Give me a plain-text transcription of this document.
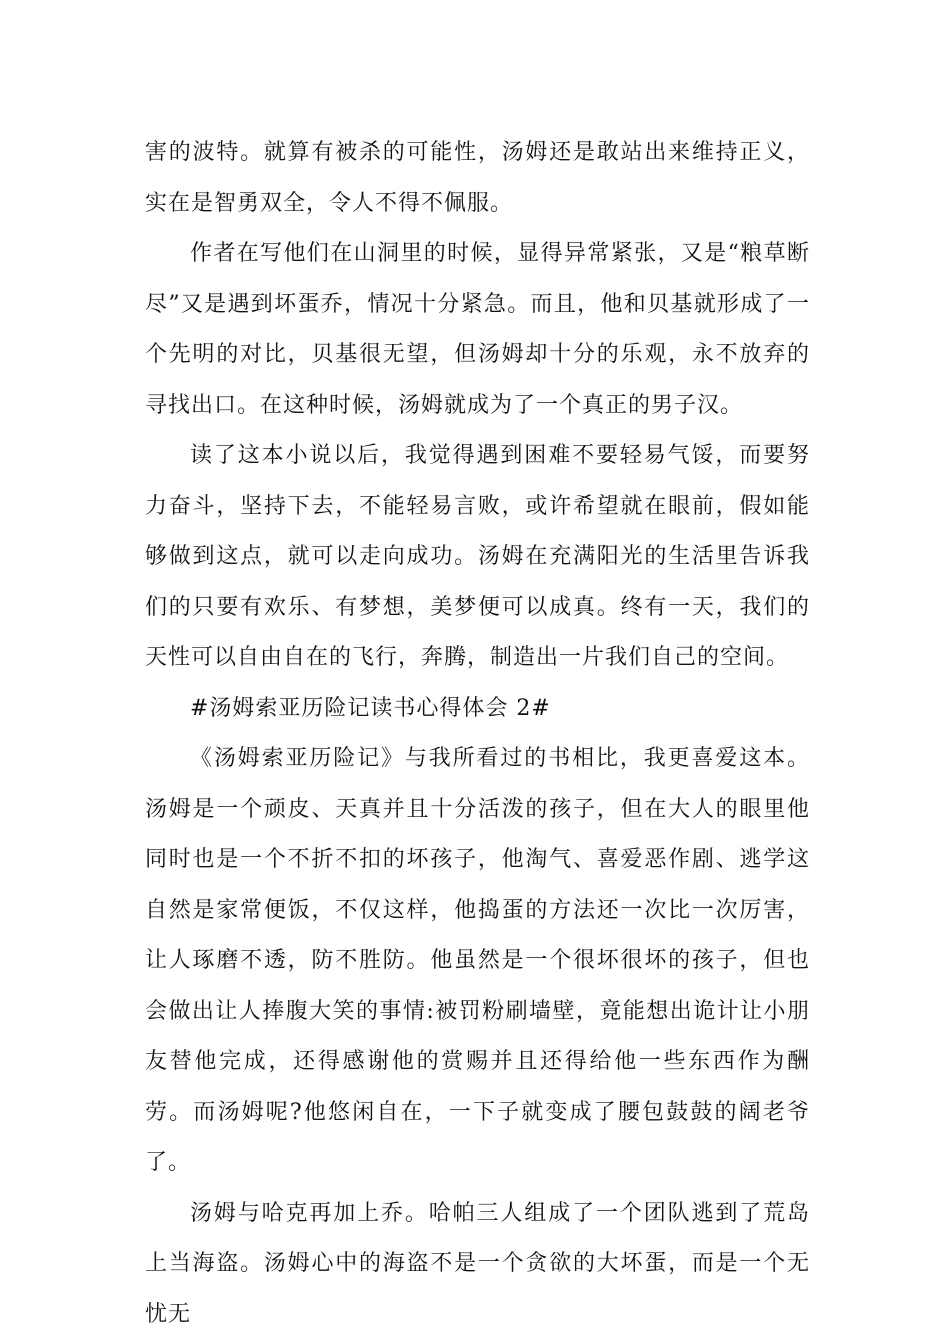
害的波特。就算有被杀的可能性，汤姆还是敢站出来维持正义，实在是智勇双全，令人不得不佩服。

作者在写他们在山洞里的时候，显得异常紧张，又是“粮草断尽”又是遇到坏蛋乔，情况十分紧急。而且，他和贝基就形成了一个先明的对比，贝基很无望，但汤姆却十分的乐观，永不放弃的寻找出口。在这种时候，汤姆就成为了一个真正的男子汉。

读了这本小说以后，我觉得遇到困难不要轻易气馁，而要努力奋斗，坚持下去，不能轻易言败，或许希望就在眼前，假如能够做到这点，就可以走向成功。汤姆在充满阳光的生活里告诉我们的只要有欢乐、有梦想，美梦便可以成真。终有一天，我们的天性可以自由自在的飞行，奔腾，制造出一片我们自己的空间。

#汤姆索亚历险记读书心得体会 2#

《汤姆索亚历险记》与我所看过的书相比，我更喜爱这本。汤姆是一个顽皮、天真并且十分活泼的孩子，但在大人的眼里他同时也是一个不折不扣的坏孩子，他淘气、喜爱恶作剧、逃学这自然是家常便饭，不仅这样，他捣蛋的方法还一次比一次厉害，让人琢磨不透，防不胜防。他虽然是一个很坏很坏的孩子，但也会做出让人捧腹大笑的事情:被罚粉刷墙壁，竟能想出诡计让小朋友替他完成，还得感谢他的赏赐并且还得给他一些东西作为酬劳。而汤姆呢?他悠闲自在，一下子就变成了腰包鼓鼓的阔老爷了。

汤姆与哈克再加上乔。哈帕三人组成了一个团队逃到了荒岛上当海盗。汤姆心中的海盗不是一个贪欲的大坏蛋，而是一个无忧无
